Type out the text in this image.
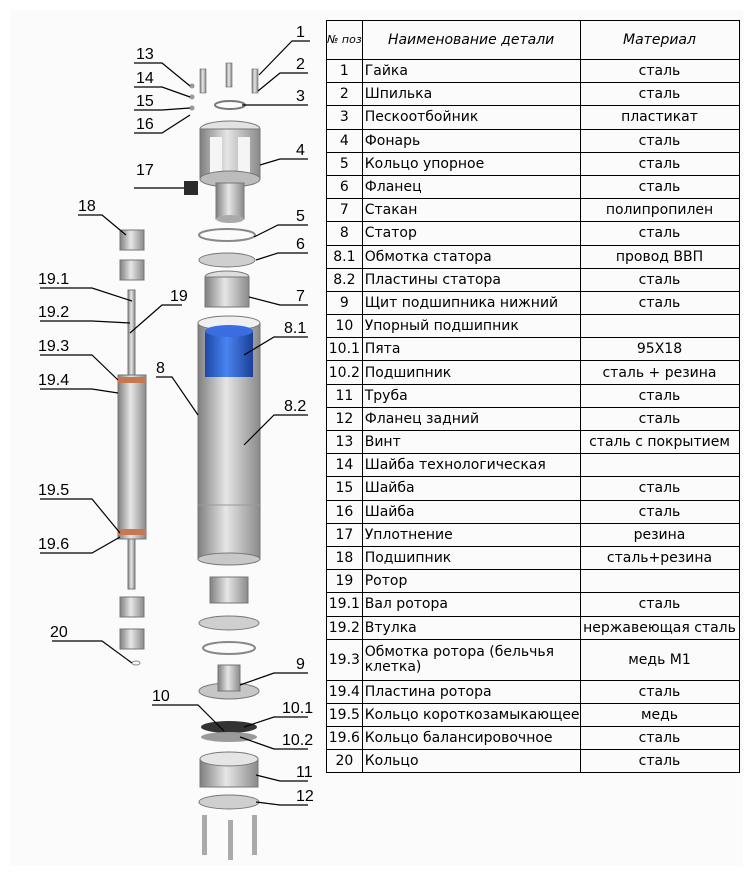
1
2
3
4
5
6
7
8
8.1
8.2
9
10
10.1
10.2
11
12
13
14
15
16
17
18
19
19.1
19.2
19.3
19.4
19.5
19.6
20
№ поз	Наименование детали	Материал
1	Гайка	сталь
2	Шпилька	сталь
3	Пескоотбойник	пластикат
4	Фонарь	сталь
5	Кольцо упорное	сталь
6	Фланец	сталь
7	Стакан	полипропилен
8	Статор	сталь
8.1	Обмотка статора	провод ВВП
8.2	Пластины статора	сталь
9	Щит подшипника нижний	сталь
10	Упорный подшипник	
10.1	Пята	95Х18
10.2	Подшипник	сталь + резина
11	Труба	сталь
12	Фланец задний	сталь
13	Винт	сталь с покрытием
14	Шайба технологическая	
15	Шайба	сталь
16	Шайба	сталь
17	Уплотнение	резина
18	Подшипник	сталь+резина
19	Ротор	
19.1	Вал ротора	сталь
19.2	Втулка	нержавеющая сталь
19.3	Обмотка ротора (бельчья клетка)	медь М1
19.4	Пластина ротора	сталь
19.5	Кольцо короткозамыкающее	медь
19.6	Кольцо балансировочное	сталь
20	Кольцо	сталь
